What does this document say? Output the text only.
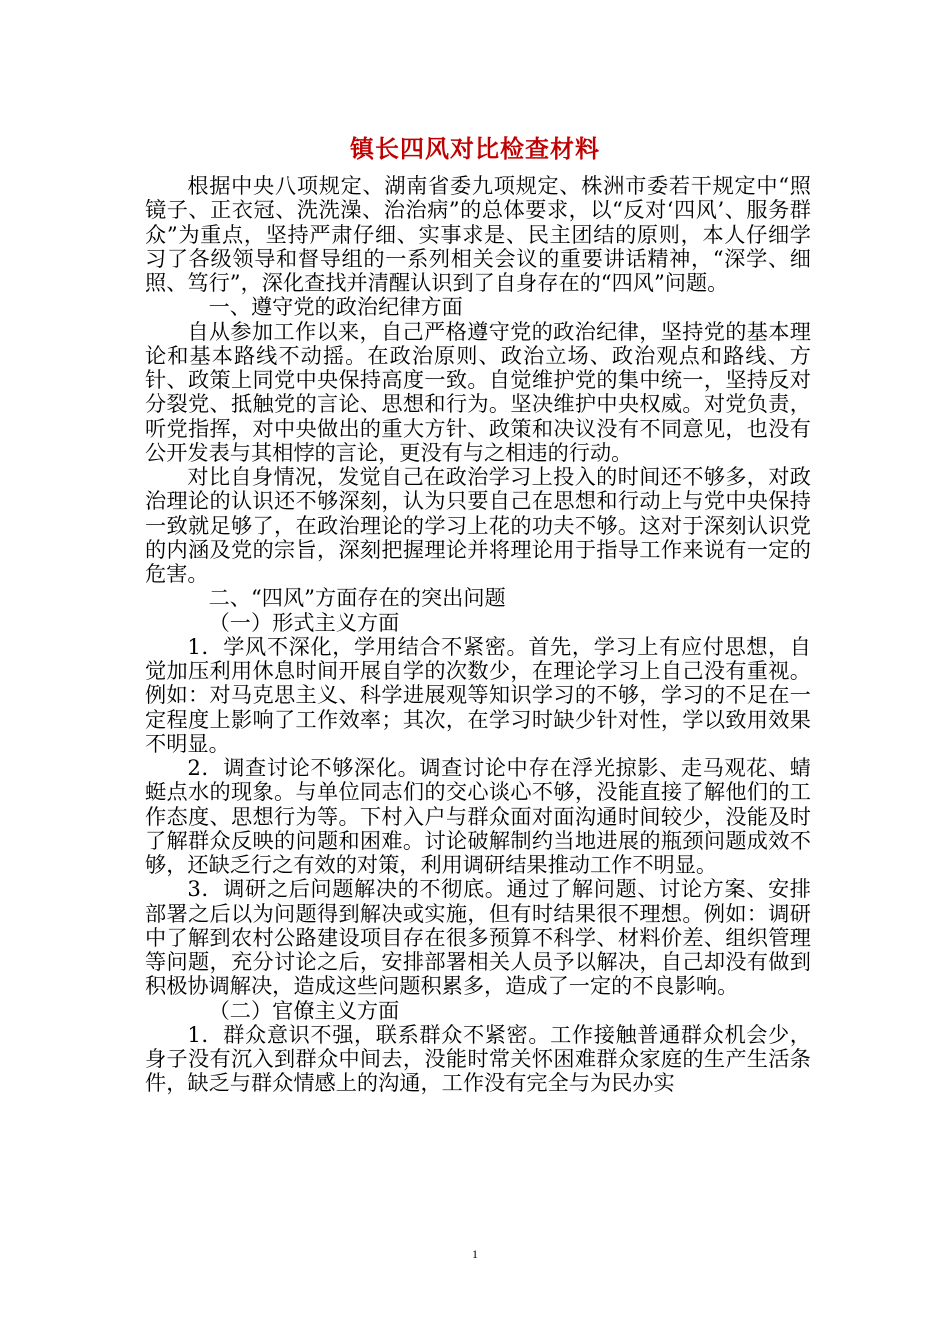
镇长四风对比检查材料

根据中央八项规定、湖南省委九项规定、株洲市委若干规定中“照镜子、正衣冠、洗洗澡、治治病”的总体要求，以“反对‘四风’、服务群众”为重点，坚持严肃仔细、实事求是、民主团结的原则，本人仔细学习了各级领导和督导组的一系列相关会议的重要讲话精神，“深学、细照、笃行”，深化查找并清醒认识到了自身存在的“四风”问题。

一、遵守党的政治纪律方面

自从参加工作以来，自己严格遵守党的政治纪律，坚持党的基本理论和基本路线不动摇。在政治原则、政治立场、政治观点和路线、方针、政策上同党中央保持高度一致。自觉维护党的集中统一，坚持反对分裂党、抵触党的言论、思想和行为。坚决维护中央权威。对党负责，听党指挥，对中央做出的重大方针、政策和决议没有不同意见，也没有公开发表与其相悖的言论，更没有与之相违的行动。

对比自身情况，发觉自己在政治学习上投入的时间还不够多，对政治理论的认识还不够深刻，认为只要自己在思想和行动上与党中央保持一致就足够了，在政治理论的学习上花的功夫不够。这对于深刻认识党的内涵及党的宗旨，深刻把握理论并将理论用于指导工作来说有一定的危害。

二、“四风”方面存在的突出问题

（一）形式主义方面

1．学风不深化，学用结合不紧密。首先，学习上有应付思想，自觉加压利用休息时间开展自学的次数少，在理论学习上自己没有重视。例如：对马克思主义、科学进展观等知识学习的不够，学习的不足在一定程度上影响了工作效率；其次，在学习时缺少针对性，学以致用效果不明显。

2．调查讨论不够深化。调查讨论中存在浮光掠影、走马观花、蜻蜓点水的现象。与单位同志们的交心谈心不够，没能直接了解他们的工作态度、思想行为等。下村入户与群众面对面沟通时间较少，没能及时了解群众反映的问题和困难。讨论破解制约当地进展的瓶颈问题成效不够，还缺乏行之有效的对策，利用调研结果推动工作不明显。

3．调研之后问题解决的不彻底。通过了解问题、讨论方案、安排部署之后以为问题得到解决或实施，但有时结果很不理想。例如：调研中了解到农村公路建设项目存在很多预算不科学、材料价差、组织管理等问题，充分讨论之后，安排部署相关人员予以解决，自己却没有做到积极协调解决，造成这些问题积累多，造成了一定的不良影响。

（二）官僚主义方面

1．群众意识不强，联系群众不紧密。工作接触普通群众机会少，身子没有沉入到群众中间去，没能时常关怀困难群众家庭的生产生活条件，缺乏与群众情感上的沟通，工作没有完全与为民办实

1
